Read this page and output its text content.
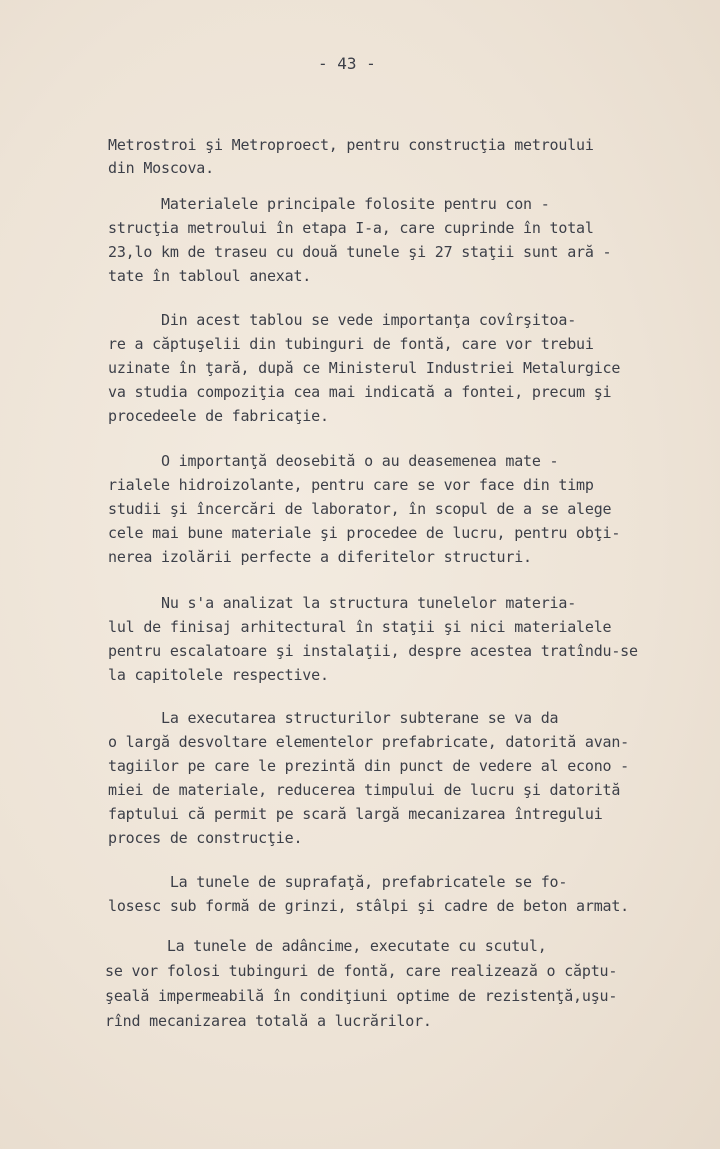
- 43 -

Metrostroi şi Metroproect, pentru construcţia metroului

din Moscova.

Materialele principale folosite pentru con -

strucţia metroului în etapa I-a, care cuprinde în total

23,lo km de traseu cu două tunele şi 27 staţii sunt ară -

tate în tabloul anexat.

Din acest tablou se vede importanţa covîrşitoa-

re a căptuşelii din tubinguri de fontă, care vor trebui

uzinate în ţară, după ce Ministerul Industriei Metalurgice

va studia compoziţia cea mai indicată a fontei, precum şi

procedeele de fabricaţie.

O importanţă deosebită o au deasemenea mate -

rialele hidroizolante, pentru care se vor face din timp

studii şi încercări de laborator, în scopul de a se alege

cele mai bune materiale şi procedee de lucru, pentru obţi-

nerea izolării perfecte a diferitelor structuri.

Nu s'a analizat la structura tunelelor materia-

lul de finisaj arhitectural în staţii şi nici materialele

pentru escalatoare şi instalaţii, despre acestea tratîndu-se

la capitolele respective.

La executarea structurilor subterane se va da

o largă desvoltare elementelor prefabricate, datorită avan-

tagiilor pe care le prezintă din punct de vedere al econo -

miei de materiale, reducerea timpului de lucru şi datorită

faptului că permit pe scară largă mecanizarea întregului

proces de construcţie.

La tunele de suprafaţă, prefabricatele se fo-

losesc sub formă de grinzi, stâlpi şi cadre de beton armat.

La tunele de adâncime, executate cu scutul,

se vor folosi tubinguri de fontă, care realizează o căptu-

şeală impermeabilă în condiţiuni optime de rezistenţă,uşu-

rînd mecanizarea totală a lucrărilor.
